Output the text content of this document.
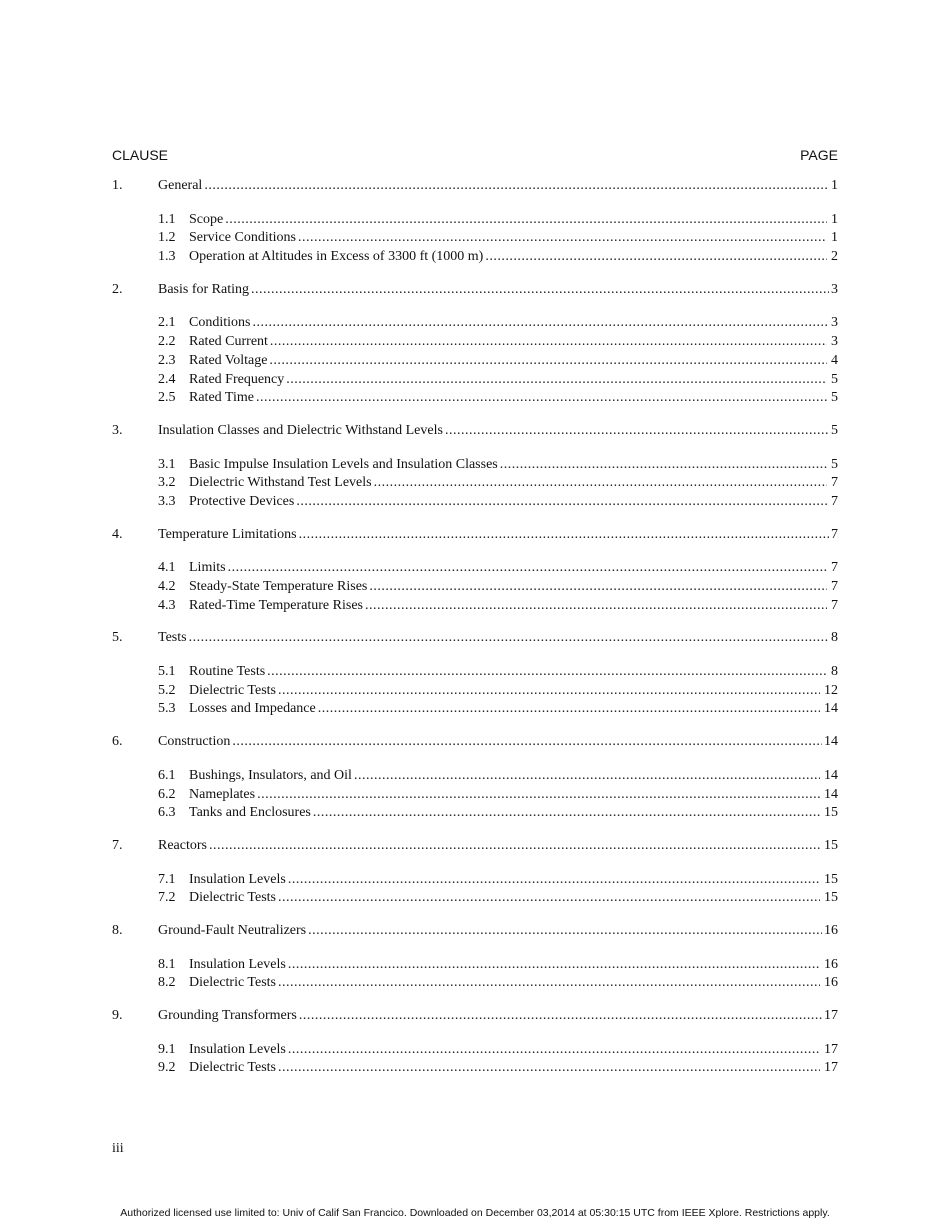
CLAUSE	PAGE
1.	General .....	1
1.1 Scope .....	1
1.2 Service Conditions .....	1
1.3 Operation at Altitudes in Excess of 3300 ft (1000 m) .....	2
2.	Basis for Rating .....	3
2.1 Conditions .....	3
2.2 Rated Current .....	3
2.3 Rated Voltage .....	4
2.4 Rated Frequency .....	5
2.5 Rated Time .....	5
3.	Insulation Classes and Dielectric Withstand Levels .....	5
3.1 Basic Impulse Insulation Levels and Insulation Classes .....	5
3.2 Dielectric Withstand Test Levels .....	7
3.3 Protective Devices .....	7
4.	Temperature Limitations .....	7
4.1 Limits .....	7
4.2 Steady-State Temperature Rises .....	7
4.3 Rated-Time Temperature Rises .....	7
5.	Tests .....	8
5.1 Routine Tests .....	8
5.2 Dielectric Tests .....	12
5.3 Losses and Impedance .....	14
6.	Construction .....	14
6.1 Bushings, Insulators, and Oil .....	14
6.2 Nameplates .....	14
6.3 Tanks and Enclosures .....	15
7.	Reactors .....	15
7.1 Insulation Levels .....	15
7.2 Dielectric Tests .....	15
8.	Ground-Fault Neutralizers .....	16
8.1 Insulation Levels .....	16
8.2 Dielectric Tests .....	16
9.	Grounding Transformers .....	17
9.1 Insulation Levels .....	17
9.2 Dielectric Tests .....	17
iii
Authorized licensed use limited to: Univ of Calif San Francico. Downloaded on December 03,2014 at 05:30:15 UTC from IEEE Xplore. Restrictions apply.
